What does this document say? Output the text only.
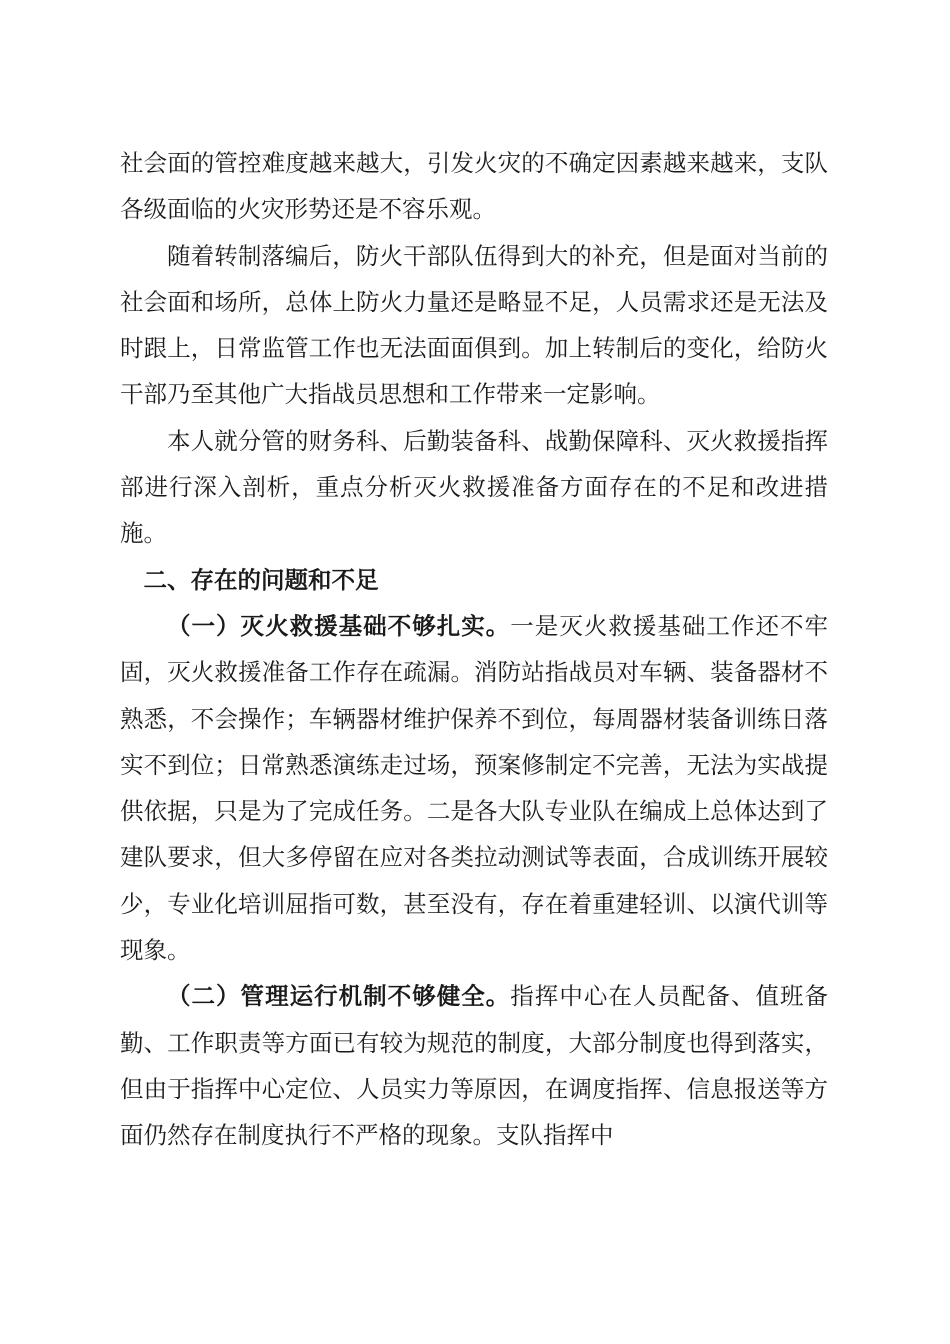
社会面的管控难度越来越大，引发火灾的不确定因素越来越来，支队各级面临的火灾形势还是不容乐观。

随着转制落编后，防火干部队伍得到大的补充，但是面对当前的社会面和场所，总体上防火力量还是略显不足，人员需求还是无法及时跟上，日常监管工作也无法面面俱到。加上转制后的变化，给防火干部乃至其他广大指战员思想和工作带来一定影响。

本人就分管的财务科、后勤装备科、战勤保障科、灭火救援指挥部进行深入剖析，重点分析灭火救援准备方面存在的不足和改进措施。

二、存在的问题和不足

（一）灭火救援基础不够扎实。一是灭火救援基础工作还不牢固，灭火救援准备工作存在疏漏。消防站指战员对车辆、装备器材不熟悉，不会操作；车辆器材维护保养不到位，每周器材装备训练日落实不到位；日常熟悉演练走过场，预案修制定不完善，无法为实战提供依据，只是为了完成任务。二是各大队专业队在编成上总体达到了建队要求，但大多停留在应对各类拉动测试等表面，合成训练开展较少，专业化培训屈指可数，甚至没有，存在着重建轻训、以演代训等现象。

（二）管理运行机制不够健全。指挥中心在人员配备、值班备勤、工作职责等方面已有较为规范的制度，大部分制度也得到落实，但由于指挥中心定位、人员实力等原因，在调度指挥、信息报送等方面仍然存在制度执行不严格的现象。支队指挥中
